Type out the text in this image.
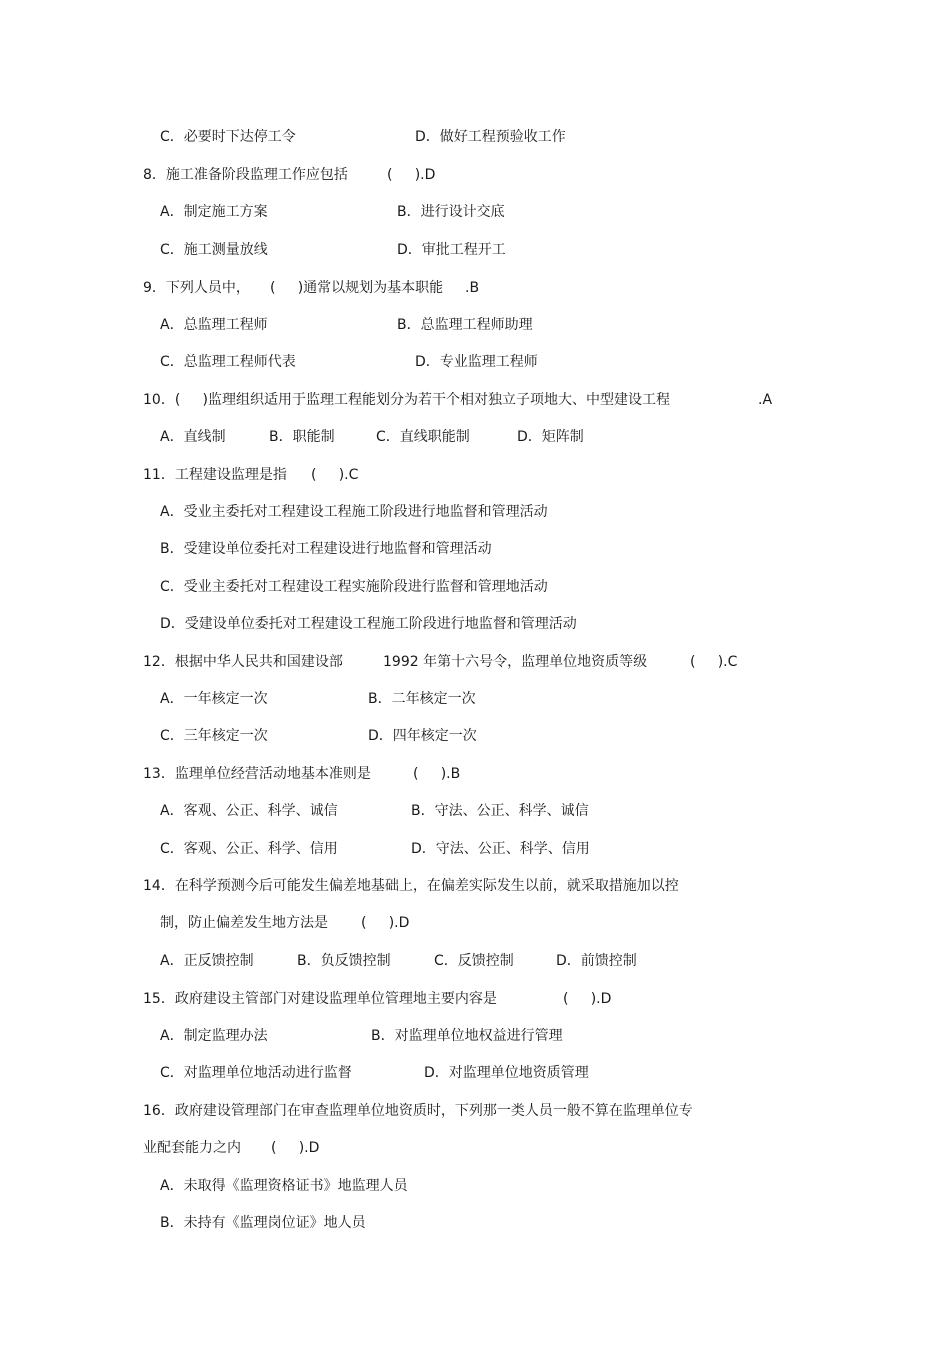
C．必要时下达停工令	D．做好工程预验收工作
8．施工准备阶段监理工作应包括	(     ).D
A．制定施工方案	B．进行设计交底
C．施工测量放线	D．审批工程开工
9．下列人员中， (     )通常以规划为基本职能 .B
A．总监理工程师	B．总监理工程师助理
C．总监理工程师代表	D．专业监理工程师
10．(     )监理组织适用于监理工程能划分为若干个相对独立子项地大、中型建设工程	.A
A．直线制	B．职能制	C．直线职能制	D．矩阵制
11．工程建设监理是指 (     ).C
A．受业主委托对工程建设工程施工阶段进行地监督和管理活动
B．受建设单位委托对工程建设进行地监督和管理活动
C．受业主委托对工程建设工程实施阶段进行监督和管理地活动
D．受建设单位委托对工程建设工程施工阶段进行地监督和管理活动
12．根据中华人民共和国建设部	1992 年第十六号令，监理单位地资质等级	(     ).C
A．一年核定一次	B．二年核定一次
C．三年核定一次	D．四年核定一次
13．监理单位经营活动地基本准则是	(     ).B
A．客观、公正、科学、诚信	B．守法、公正、科学、诚信
C．客观、公正、科学、信用	D．守法、公正、科学、信用
14．在科学预测今后可能发生偏差地基础上，在偏差实际发生以前，就采取措施加以控
制，防止偏差发生地方法是 (     ).D
A．正反馈控制	B．负反馈控制	C．反馈控制	D．前馈控制
15．政府建设主管部门对建设监理单位管理地主要内容是	(     ).D
A．制定监理办法	B．对监理单位地权益进行管理
C．对监理单位地活动进行监督	D．对监理单位地资质管理
16．政府建设管理部门在审查监理单位地资质时，下列那一类人员一般不算在监理单位专
业配套能力之内 (     ).D
A．未取得《监理资格证书》地监理人员
B．未持有《监理岗位证》地人员
